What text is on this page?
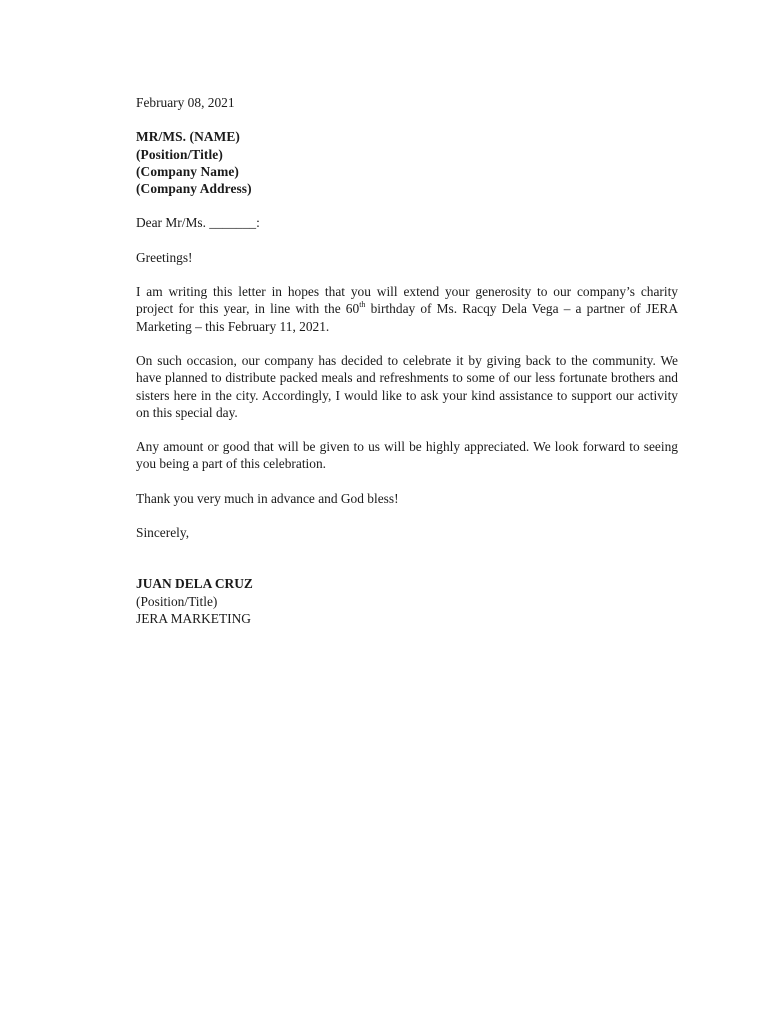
February 08, 2021

MR/MS. (NAME)

(Position/Title)

(Company Name)

(Company Address)

Dear Mr/Ms. _______:

Greetings!

I am writing this letter in hopes that you will extend your generosity to our company’s charity project for this year, in line with the 60th birthday of Ms. Racqy Dela Vega – a partner of JERA Marketing – this February 11, 2021.

On such occasion, our company has decided to celebrate it by giving back to the community. We have planned to distribute packed meals and refreshments to some of our less fortunate brothers and sisters here in the city. Accordingly, I would like to ask your kind assistance to support our activity on this special day.

Any amount or good that will be given to us will be highly appreciated. We look forward to seeing you being a part of this celebration.

Thank you very much in advance and God bless!

Sincerely,

JUAN DELA CRUZ

(Position/Title)

JERA MARKETING
